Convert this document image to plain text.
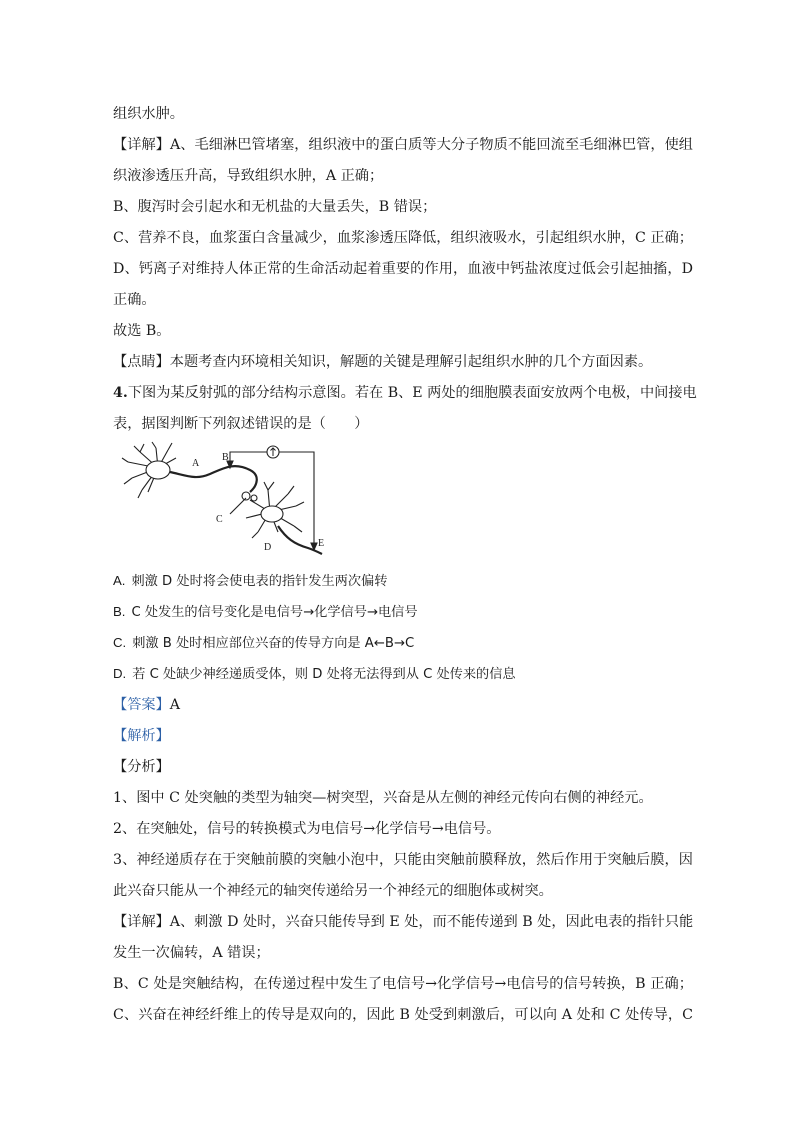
组织水肿。
【详解】A、毛细淋巴管堵塞，组织液中的蛋白质等大分子物质不能回流至毛细淋巴管，使组
织液渗透压升高，导致组织水肿，A 正确；
B、腹泻时会引起水和无机盐的大量丢失，B 错误；
C、营养不良，血浆蛋白含量减少，血浆渗透压降低，组织液吸水，引起组织水肿，C 正确；
D、钙离子对维持人体正常的生命活动起着重要的作用，血液中钙盐浓度过低会引起抽搐，D
正确。
故选 B。
【点睛】本题考查内环境相关知识，解题的关键是理解引起组织水肿的几个方面因素。
4.下图为某反射弧的部分结构示意图。若在 B、E 两处的细胞膜表面安放两个电极，中间接电
表，据图判断下列叙述错误的是（　　）
A
B
C
D	E
A. 刺激 D 处时将会使电表的指针发生两次偏转
B. C 处发生的信号变化是电信号→化学信号→电信号
C. 刺激 B 处时相应部位兴奋的传导方向是 A←B→C
D. 若 C 处缺少神经递质受体，则 D 处将无法得到从 C 处传来的信息
【答案】A
【解析】
【分析】
1、图中 C 处突触的类型为轴突—树突型，兴奋是从左侧的神经元传向右侧的神经元。
2、在突触处，信号的转换模式为电信号→化学信号→电信号。
3、神经递质存在于突触前膜的突触小泡中，只能由突触前膜释放，然后作用于突触后膜，因
此兴奋只能从一个神经元的轴突传递给另一个神经元的细胞体或树突。
【详解】A、刺激 D 处时，兴奋只能传导到 E 处，而不能传递到 B 处，因此电表的指针只能
发生一次偏转，A 错误；
B、C 处是突触结构，在传递过程中发生了电信号→化学信号→电信号的信号转换，B 正确；
C、兴奋在神经纤维上的传导是双向的，因此 B 处受到刺激后，可以向 A 处和 C 处传导，C
